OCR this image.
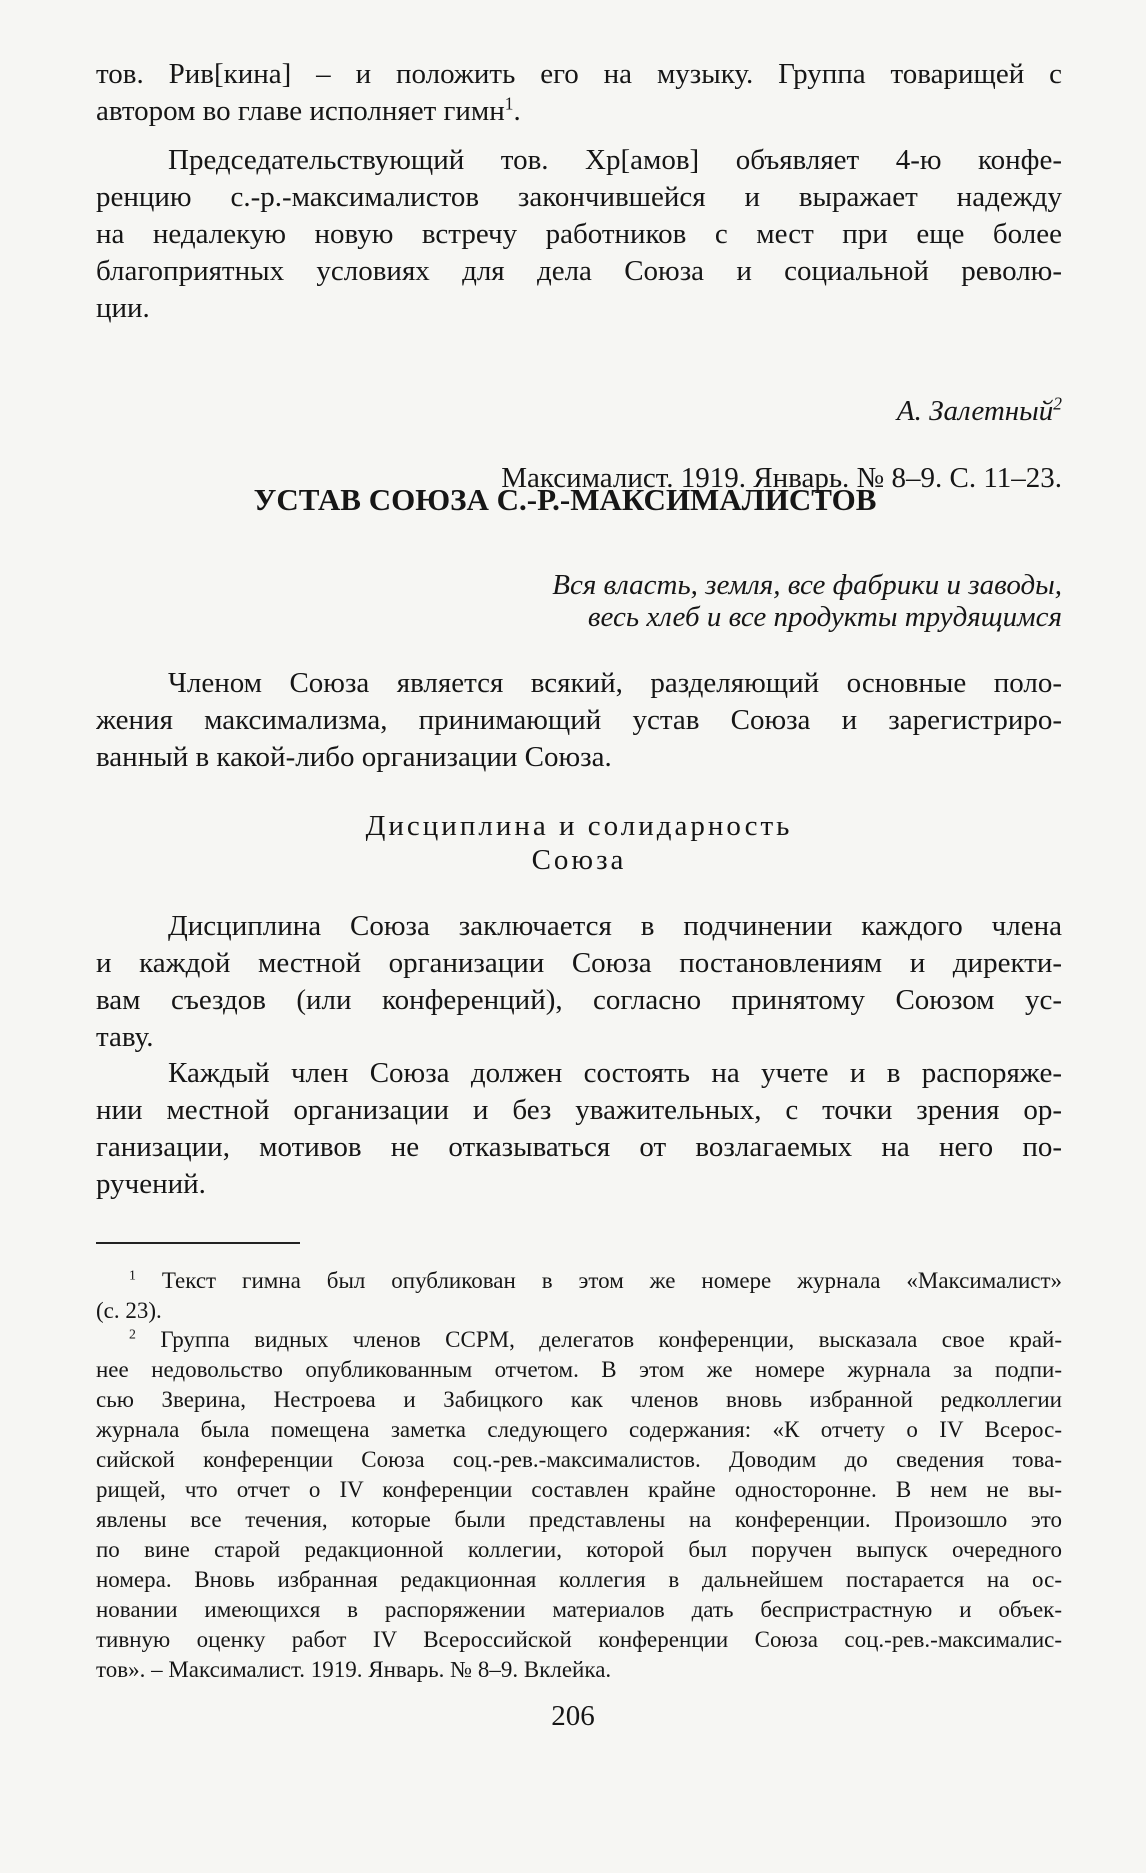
206
тов. Рив[кина] – и положить его на музыку. Группа товарищей с
автором во главе исполняет гимн$^1$.
Председательствующий тов. Хр[амов] объявляет 4-ю конфе-
ренцию с.-р.-максималистов закончившейся и выражает надежду
на недалекую новую встречу работников с мест при еще более
благоприятных условиях для дела Союза и социальной револю-
ции.
А. Залетный$^2$
Максималист. 1919. Январь. № 8–9. С. 11–23.
УСТАВ СОЮЗА С.-Р.-МАКСИМАЛИСТОВ
Вся власть, земля, все фабрики и заводы,
весь хлеб и все продукты трудящимся
Членом Союза является всякий, разделяющий основные поло-
жения максимализма, принимающий устав Союза и зарегистриро-
ванный в какой-либо организации Союза.
Дисциплина и солидарность
Союза
Дисциплина Союза заключается в подчинении каждого члена
и каждой местной организации Союза постановлениям и директи-
вам съездов (или конференций), согласно принятому Союзом ус-
таву.
Каждый член Союза должен состоять на учете и в распоряже-
нии местной организации и без уважительных, с точки зрения ор-
ганизации, мотивов не отказываться от возлагаемых на него по-
ручений.
$^1$ Текст гимна был опубликован в этом же номере журнала «Максималист»
(с. 23).
$^2$ Группа видных членов ССРМ, делегатов конференции, высказала свое край-
нее недовольство опубликованным отчетом. В этом же номере журнала за подпи-
сью Зверина, Нестроева и Забицкого как членов вновь избранной редколлегии
журнала была помещена заметка следующего содержания: «К отчету о IV Всерос-
сийской конференции Союза соц.-рев.-максималистов. Доводим до сведения това-
рищей, что отчет о IV конференции составлен крайне односторонне. В нем не вы-
явлены все течения, которые были представлены на конференции. Произошло это
по вине старой редакционной коллегии, которой был поручен выпуск очередного
номера. Вновь избранная редакционная коллегия в дальнейшем постарается на ос-
новании имеющихся в распоряжении материалов дать беспристрастную и объек-
тивную оценку работ IV Всероссийской конференции Союза соц.-рев.-максималис-
тов». – Максималист. 1919. Январь. № 8–9. Вклейка.
